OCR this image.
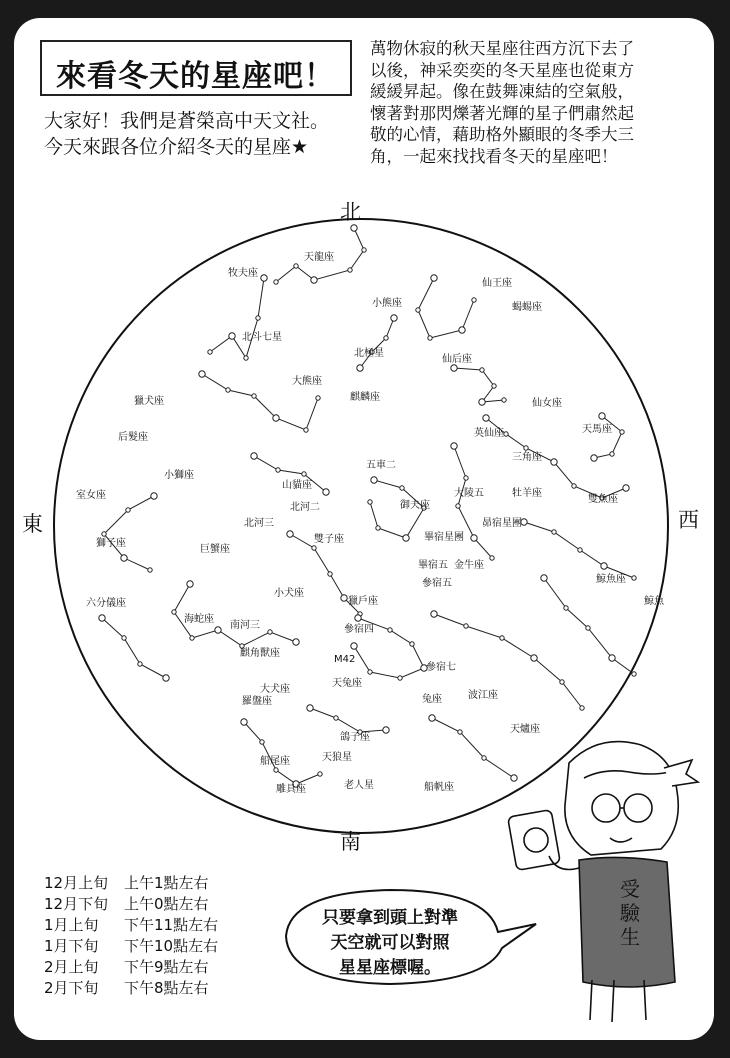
來看冬天的星座吧！
大家好！我們是蒼榮高中天文社。
今天來跟各位介紹冬天的星座★
萬物休寂的秋天星座往西方沉下去了
以後，神采奕奕的冬天星座也從東方
緩緩昇起。像在鼓舞凍結的空氣般，
懷著對那閃爍著光輝的星子們肅然起
敬的心情，藉助格外顯眼的冬季大三
角，一起來找找看冬天的星座吧！
北
東	西
南
天龍座
牧夫座
小熊座
仙王座
蝎蜴座
北斗七星
北極星
仙后座
大熊座
獵犬座	麒麟座
仙女座
后髮座	英仙座	天馬座
五車二
三角座
小獅座
山貓座
大陵五	牡羊座
雙魚座
室女座
北河二	御夫座
北河三
雙子座	畢宿星團
昴宿星團
獅子座
巨蟹座
畢宿五 金牛座
鯨魚座
小犬座
參宿五
六分儀座
海蛇座
南河三
獵戶座	鯨魚
參宿四
麒角獸座
M42
參宿七
波江座
羅盤座
大犬座
天兔座
兔座
天爐座
鴿子座
天狼星
船尾座
雕具座	老人星	船帆座
受
驗
生
只要拿到頭上對準
天空就可以對照
星星座標喔。
12月上旬	上午1點左右
12月下旬	上午0點左右
1月上旬	下午11點左右
1月下旬	下午10點左右
2月上旬	下午9點左右
2月下旬	下午8點左右
